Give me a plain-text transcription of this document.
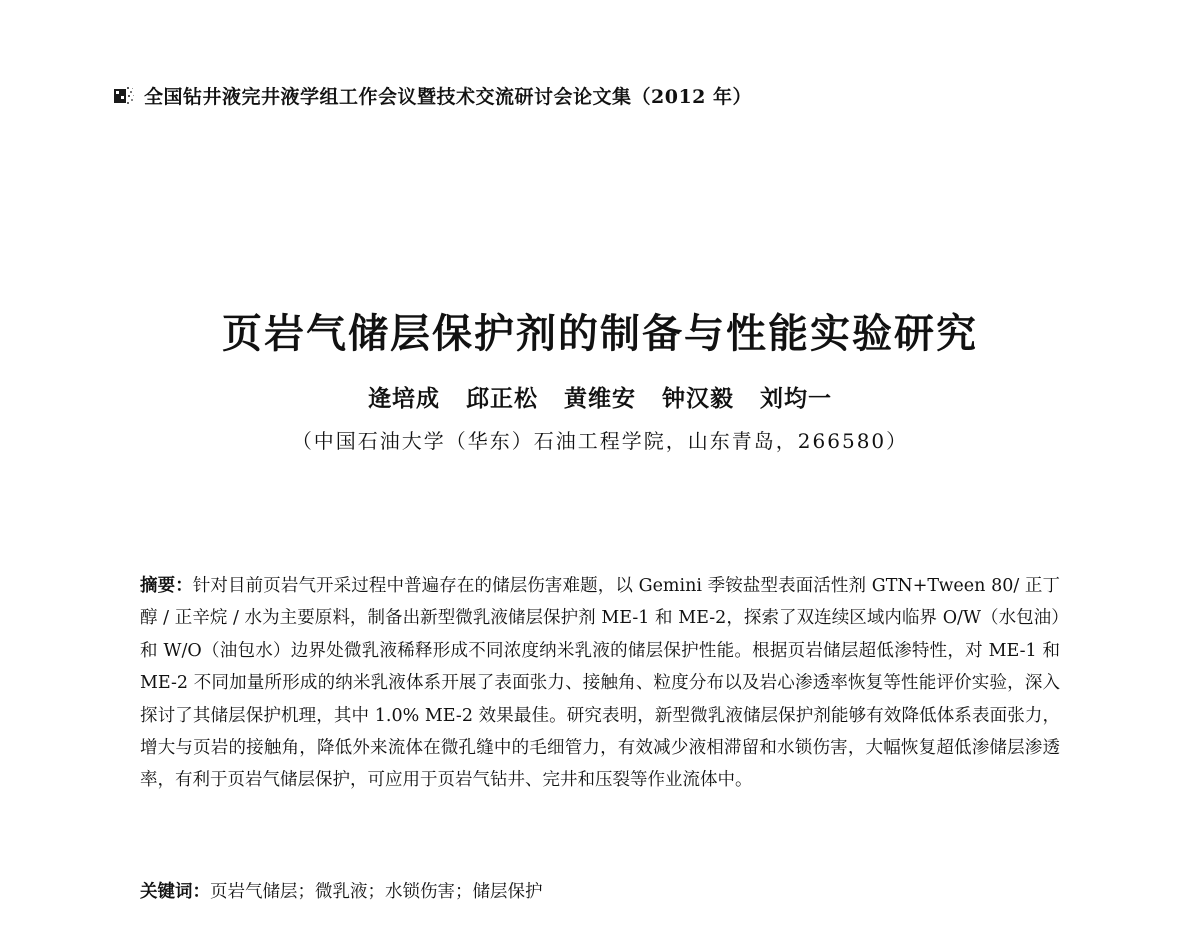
全国钻井液完井液学组工作会议暨技术交流研讨会论文集（2012 年）
页岩气储层保护剂的制备与性能实验研究
逄培成 邱正松 黄维安 钟汉毅 刘均一
（中国石油大学（华东）石油工程学院，山东青岛，266580）
摘要：针对目前页岩气开采过程中普遍存在的储层伤害难题，以 Gemini 季铵盐型表面活性剂 GTN+Tween 80/ 正丁醇 / 正辛烷 / 水为主要原料，制备出新型微乳液储层保护剂 ME-1 和 ME-2，探索了双连续区域内临界 O/W（水包油）和 W/O（油包水）边界处微乳液稀释形成不同浓度纳米乳液的储层保护性能。根据页岩储层超低渗特性，对 ME-1 和 ME-2 不同加量所形成的纳米乳液体系开展了表面张力、接触角、粒度分布以及岩心渗透率恢复等性能评价实验，深入探讨了其储层保护机理，其中 1.0% ME-2 效果最佳。研究表明，新型微乳液储层保护剂能够有效降低体系表面张力，增大与页岩的接触角，降低外来流体在微孔缝中的毛细管力，有效减少液相滞留和水锁伤害，大幅恢复超低渗储层渗透率，有利于页岩气储层保护，可应用于页岩气钻井、完井和压裂等作业流体中。
关键词：页岩气储层；微乳液；水锁伤害；储层保护
